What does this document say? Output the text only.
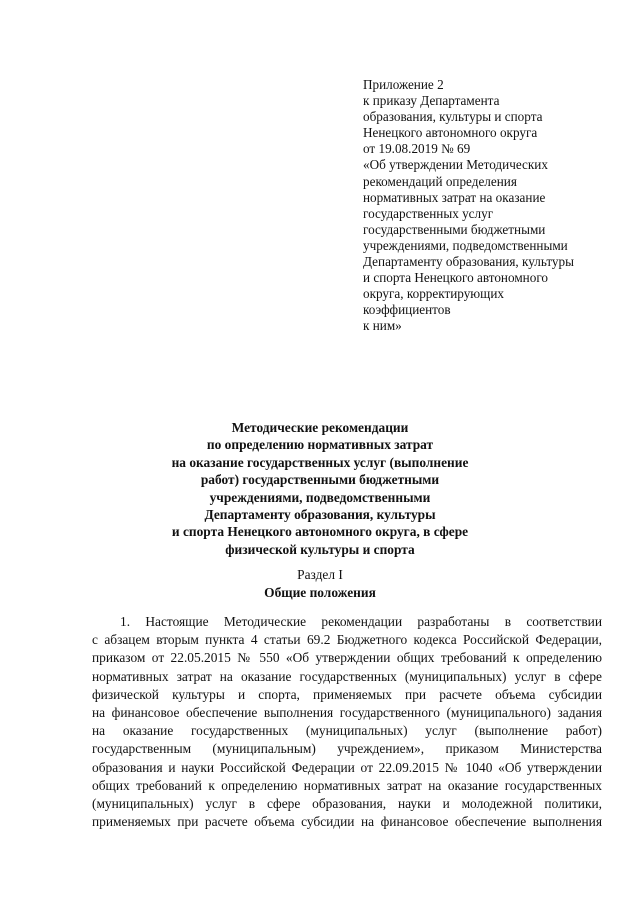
Приложение 2
к приказу Департамента
образования, культуры и спорта
Ненецкого автономного округа
от 19.08.2019 № 69
«Об утверждении Методических
рекомендаций определения
нормативных затрат на оказание
государственных услуг
государственными бюджетными
учреждениями, подведомственными
Департаменту образования, культуры
и спорта Ненецкого автономного
округа, корректирующих
коэффициентов
к ним»
Методические рекомендации
по определению нормативных затрат
на оказание государственных услуг (выполнение
работ) государственными бюджетными
учреждениями, подведомственными
Департаменту образования, культуры
и спорта Ненецкого автономного округа, в сфере
физической культуры и спорта
Раздел I
Общие положения
1. Настоящие Методические рекомендации разработаны в соответствии
с абзацем вторым пункта 4 статьи 69.2 Бюджетного кодекса Российской Федерации,
приказом от 22.05.2015 № 550 «Об утверждении общих требований к определению
нормативных затрат на оказание государственных (муниципальных) услуг в сфере
физической культуры и спорта, применяемых при расчете объема субсидии
на финансовое обеспечение выполнения государственного (муниципального) задания
на оказание государственных (муниципальных) услуг (выполнение работ)
государственным (муниципальным) учреждением», приказом Министерства
образования и науки Российской Федерации от 22.09.2015 № 1040 «Об утверждении
общих требований к определению нормативных затрат на оказание государственных
(муниципальных) услуг в сфере образования, науки и молодежной политики,
применяемых при расчете объема субсидии на финансовое обеспечение выполнения
